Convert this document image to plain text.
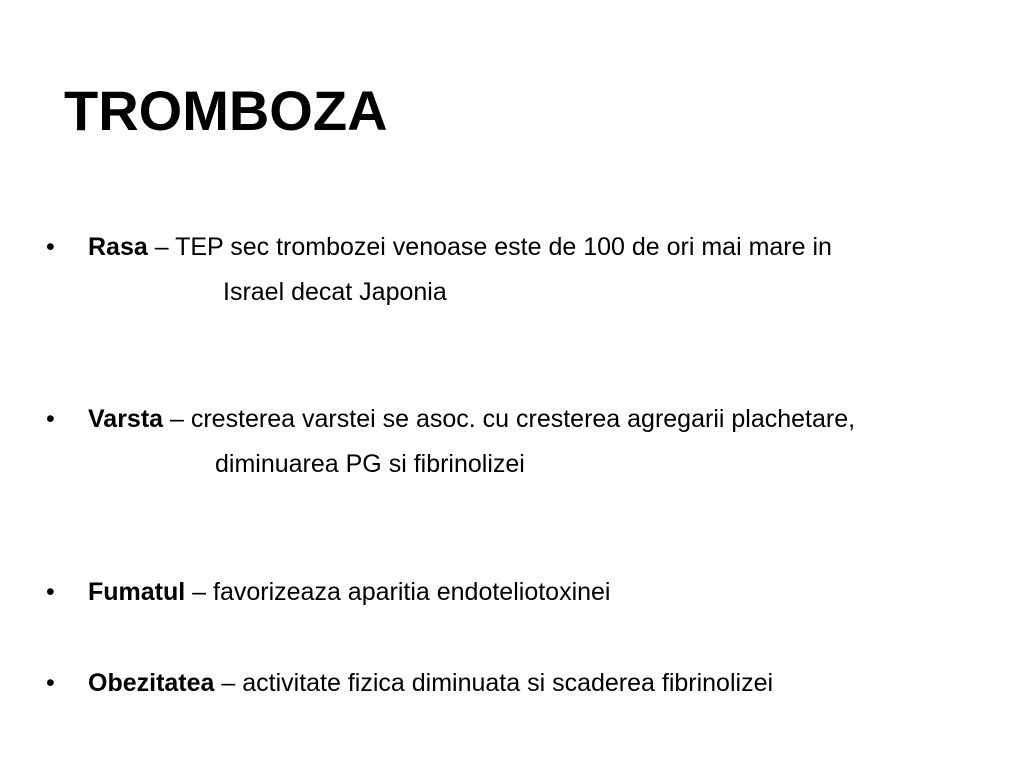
TROMBOZA
• Rasa – TEP sec trombozei venoase este de 100 de ori mai mare in
Israel decat Japonia
• Varsta – cresterea varstei se asoc. cu cresterea agregarii plachetare,
diminuarea PG si fibrinolizei
• Fumatul – favorizeaza aparitia endoteliotoxinei
• Obezitatea – activitate fizica diminuata si scaderea fibrinolizei
